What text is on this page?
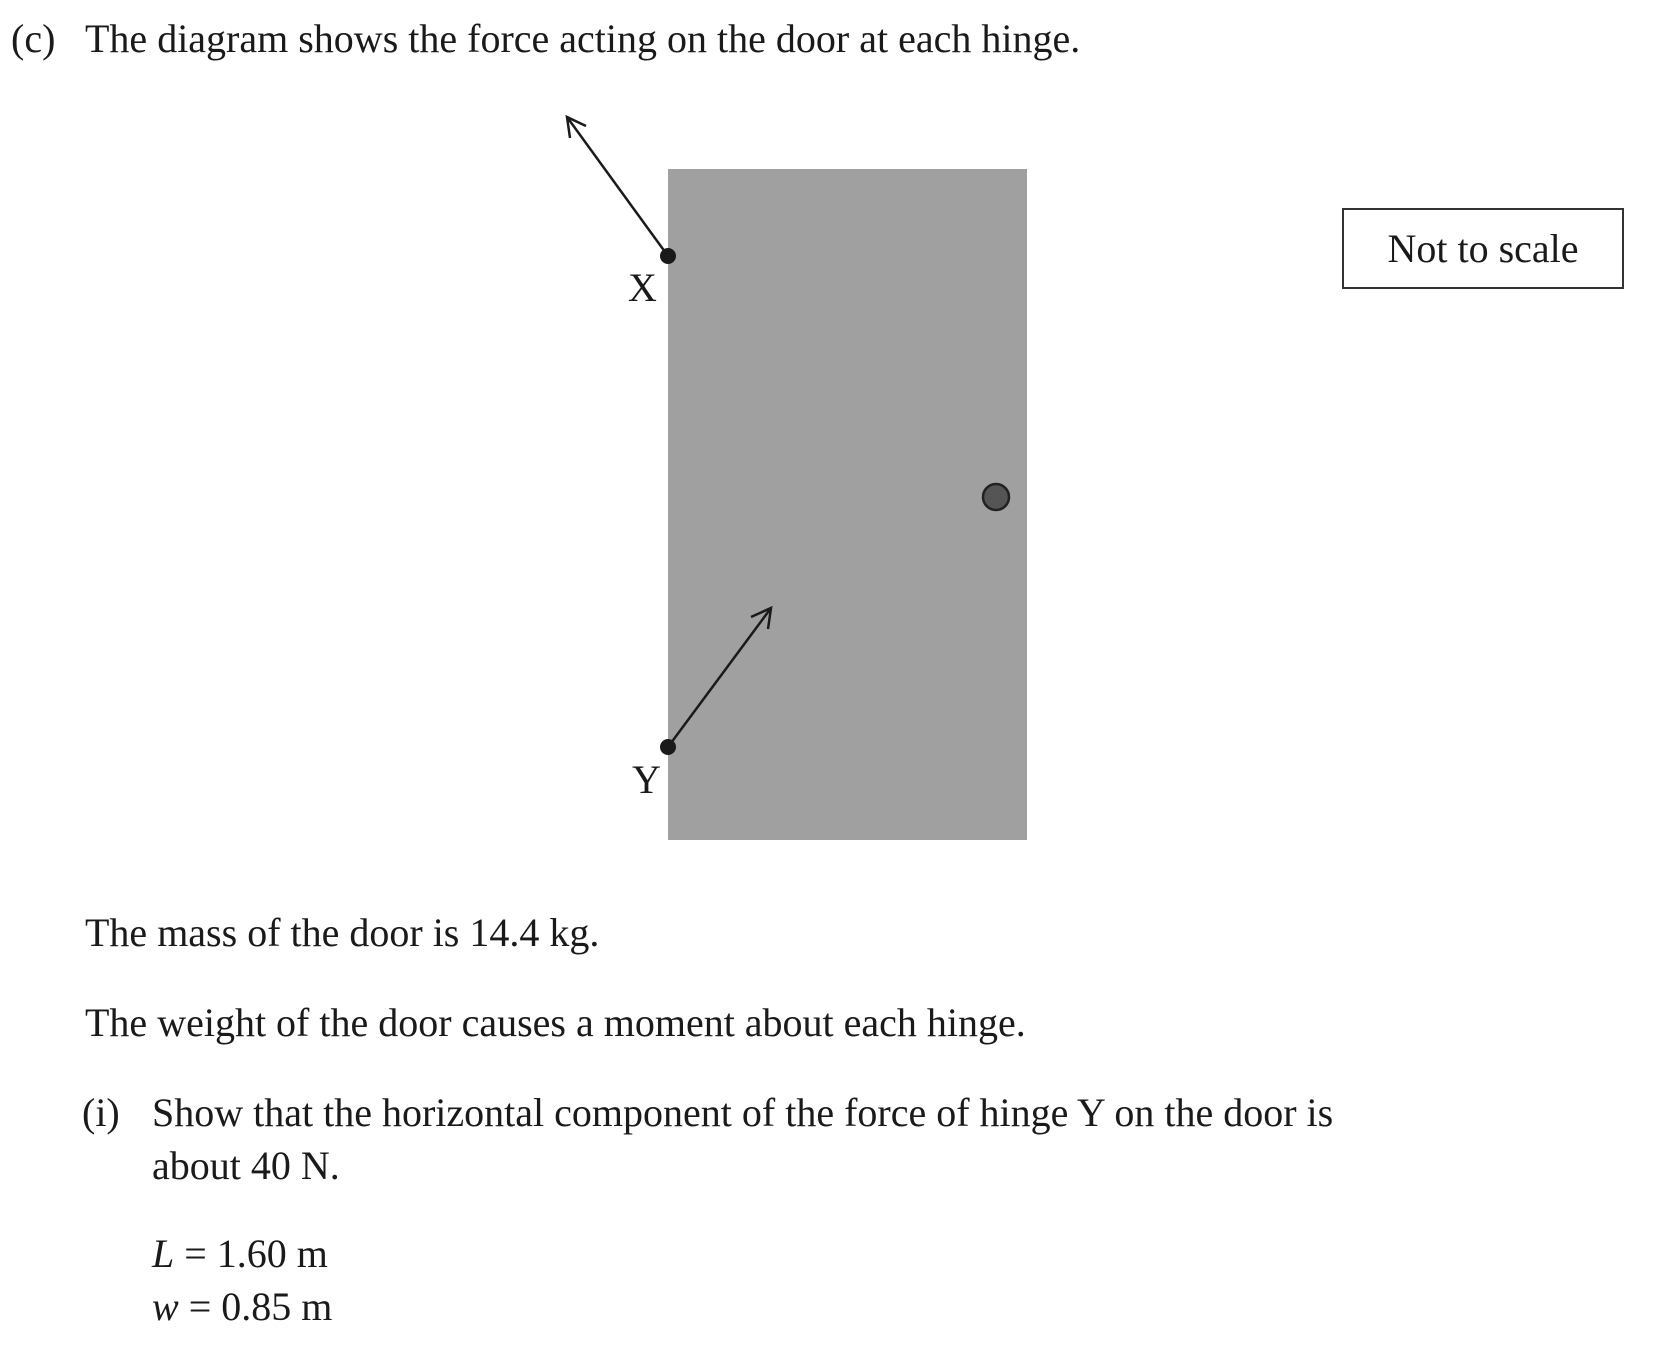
(c) The diagram shows the force acting on the door at each hinge.
X
Y
Not to scale
The mass of the door is 14.4 kg.
The weight of the door causes a moment about each hinge.
(i) Show that the horizontal component of the force of hinge Y on the door is
about 40 N.
L = 1.60 m
w = 0.85 m
